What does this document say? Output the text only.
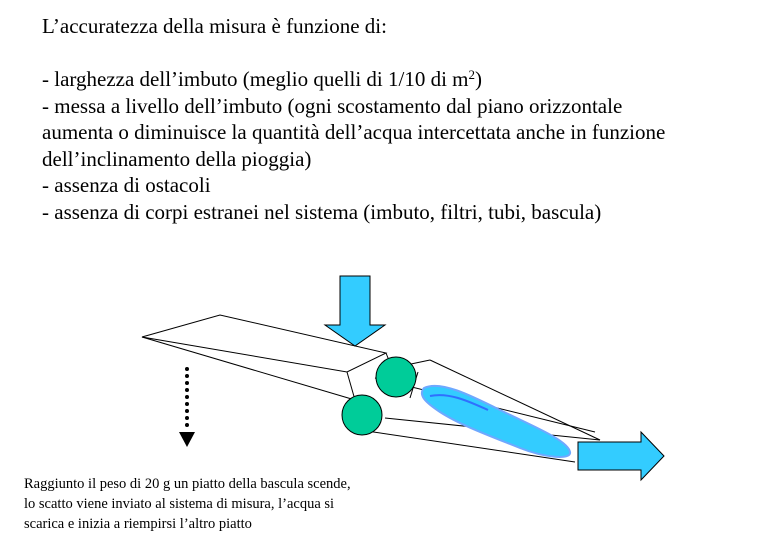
L’accuratezza della misura è funzione di:
- larghezza dell’imbuto (meglio quelli di 1/10 di $m^2$)
- messa a livello dell’imbuto (ogni scostamento dal piano orizzontale
aumenta o diminuisce la quantità dell’acqua intercettata anche in funzione
dell’inclinamento della pioggia)
- assenza di ostacoli
- assenza di corpi estranei nel sistema (imbuto, filtri, tubi, bascula)
Raggiunto il peso di 20 g un piatto della bascula scende,
lo scatto viene inviato al sistema di misura, l’acqua si
scarica e inizia a riempirsi l’altro piatto
